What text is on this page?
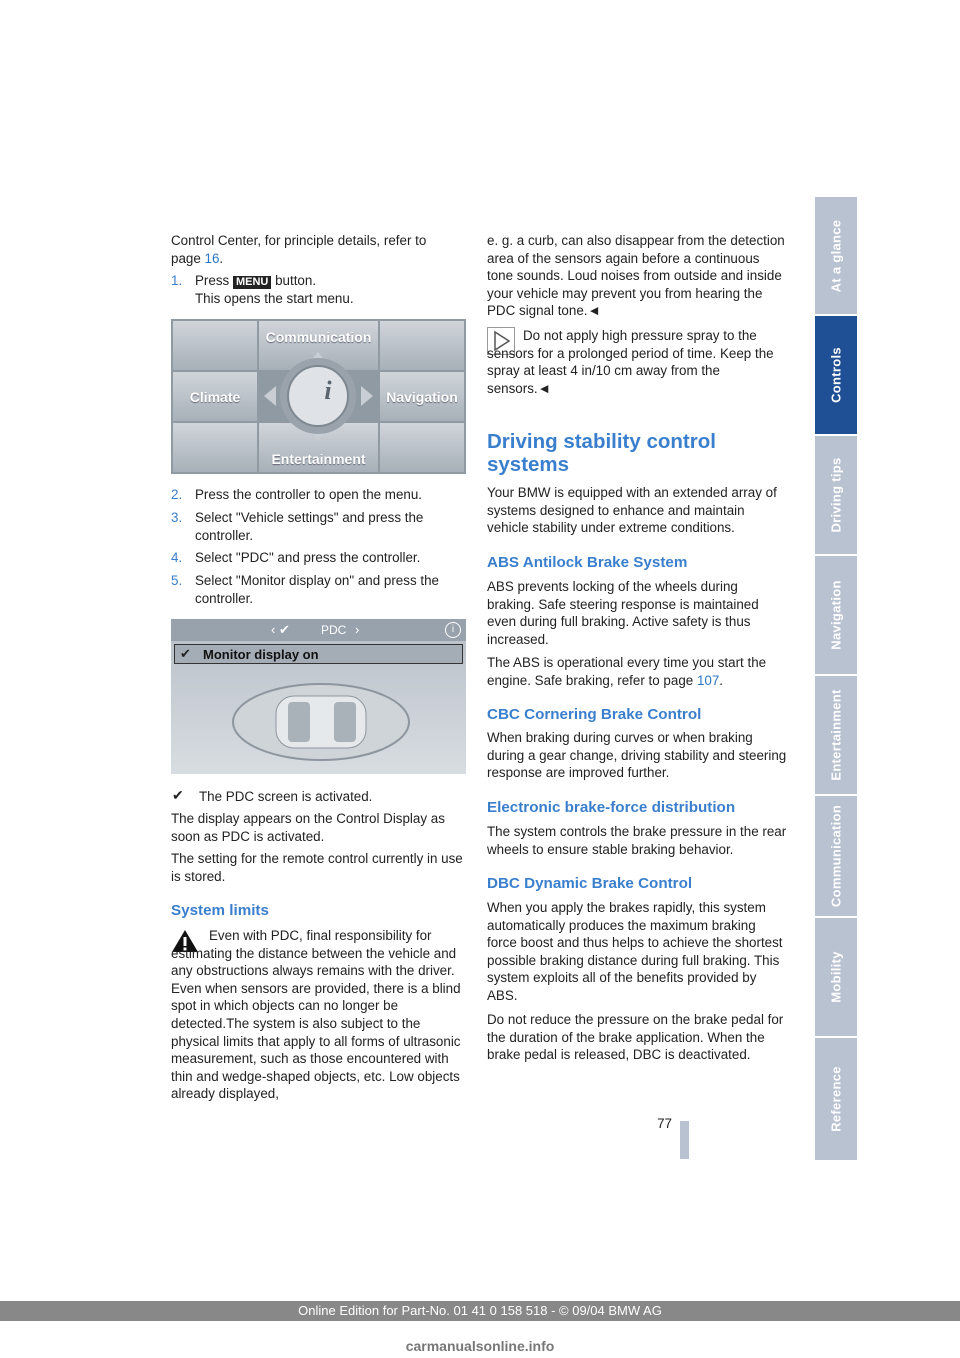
At a glance
Controls
Driving tips
Navigation
Entertainment
Communication
Mobility
Reference

Control Center, for principle details, refer to
page 16.

1. Press MENU button.
This opens the start menu.
Communication
Climate	Navigation
Entertainment
i
2. Press the controller to open the menu.
3. Select "Vehicle settings" and press the controller.
4. Select "PDC" and press the controller.
5. Select "Monitor display on" and press the controller.
‹ ✔	PDC ›	i
✔ Monitor display on
✔ The PDC screen is activated.

The display appears on the Control Display as soon as PDC is activated.

The setting for the remote control currently in use is stored.

System limits

Even with PDC, final responsibility for estimating the distance between the vehicle and any obstructions always remains with the driver. Even when sensors are provided, there is a blind spot in which objects can no longer be detected.The system is also subject to the physical limits that apply to all forms of ultrasonic measurement, such as those encountered with thin and wedge-shaped objects, etc. Low objects already displayed,

e. g. a curb, can also disappear from the detection area of the sensors again before a continuous tone sounds. Loud noises from outside and inside your vehicle may prevent you from hearing the PDC signal tone.◄

Do not apply high pressure spray to the sensors for a prolonged period of time. Keep the spray at least 4 in/10 cm away from the sensors.◄

Driving stability control systems

Your BMW is equipped with an extended array of systems designed to enhance and maintain vehicle stability under extreme conditions.

ABS Antilock Brake System

ABS prevents locking of the wheels during braking. Safe steering response is maintained even during full braking. Active safety is thus increased.

The ABS is operational every time you start the engine. Safe braking, refer to page 107.

CBC Cornering Brake Control

When braking during curves or when braking during a gear change, driving stability and steering response are improved further.

Electronic brake-force distribution

The system controls the brake pressure in the rear wheels to ensure stable braking behavior.

DBC Dynamic Brake Control

When you apply the brakes rapidly, this system automatically produces the maximum braking force boost and thus helps to achieve the shortest possible braking distance during full braking. This system exploits all of the benefits provided by ABS.

Do not reduce the pressure on the brake pedal for the duration of the brake application. When the brake pedal is released, DBC is deactivated.

77
Online Edition for Part-No. 01 41 0 158 518 - © 09/04 BMW AG
carmanualsonline.info
